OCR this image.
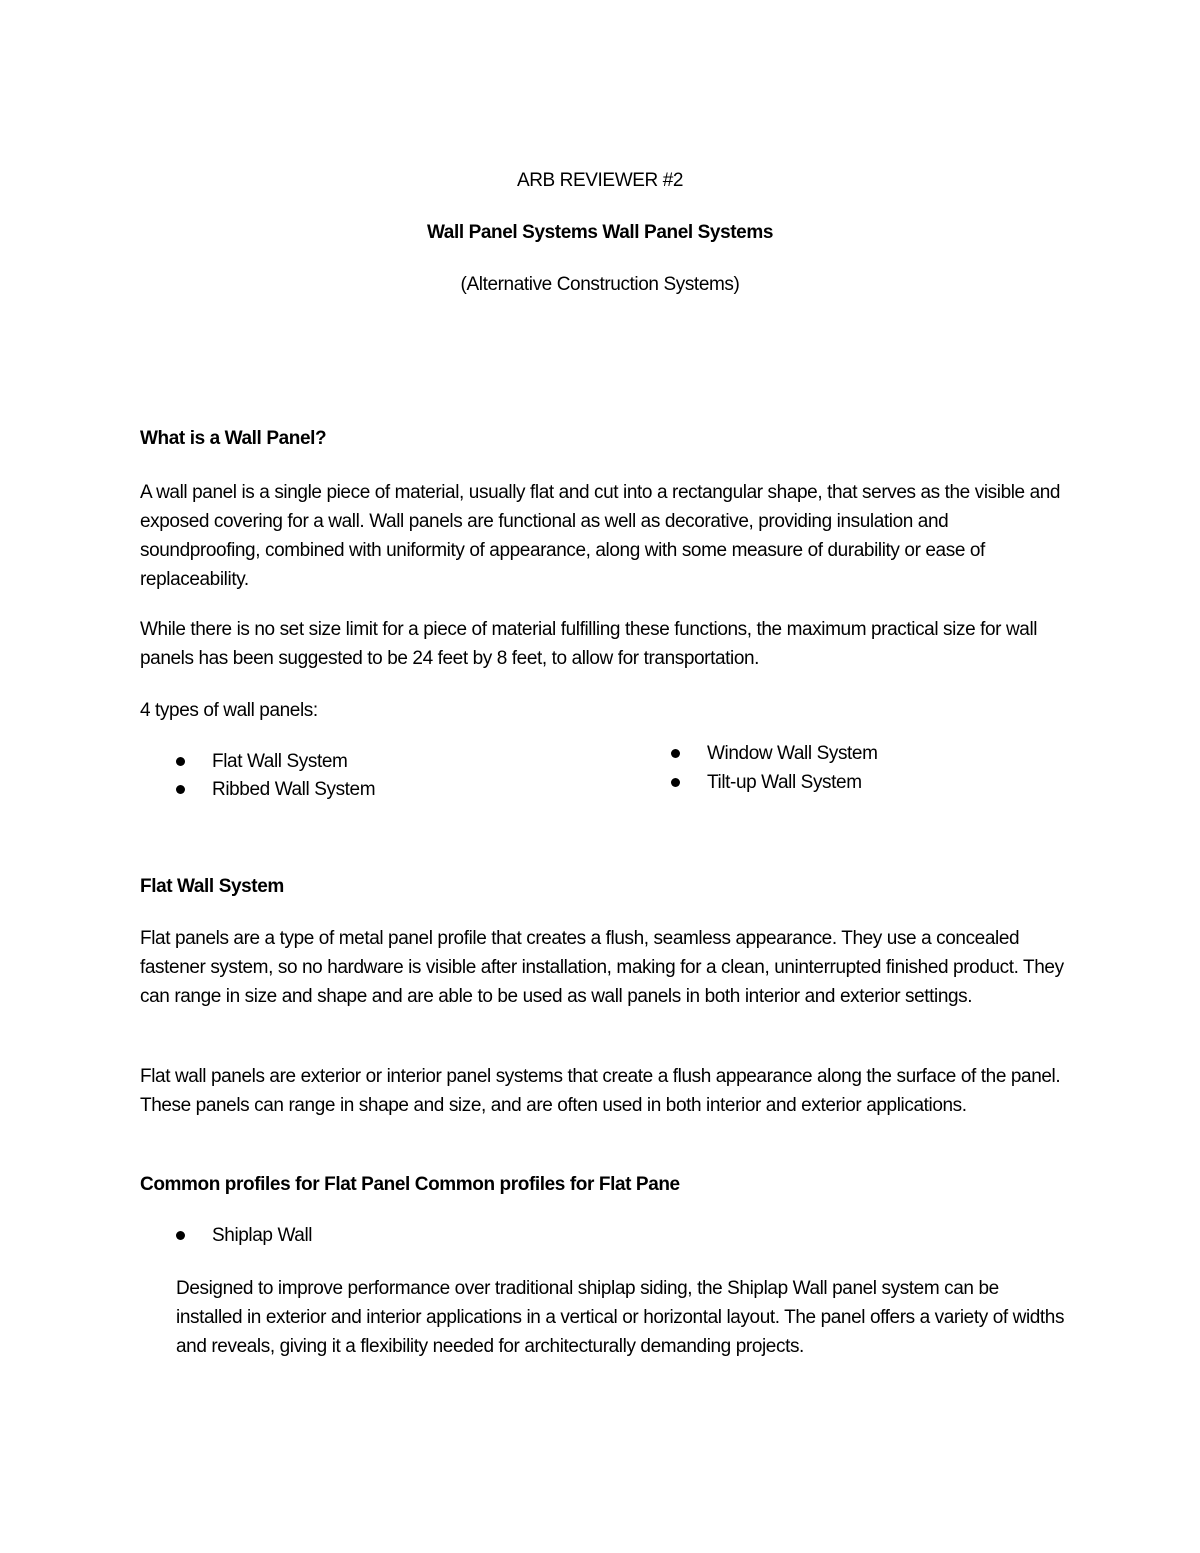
ARB REVIEWER #2
Wall Panel Systems Wall Panel Systems
(Alternative Construction Systems)
What is a Wall Panel?
A wall panel is a single piece of material, usually flat and cut into a rectangular shape, that serves as the visible and exposed covering for a wall. Wall panels are functional as well as decorative, providing insulation and soundproofing, combined with uniformity of appearance, along with some measure of durability or ease of replaceability.
While there is no set size limit for a piece of material fulfilling these functions, the maximum practical size for wall panels has been suggested to be 24 feet by 8 feet, to allow for transportation.
4 types of wall panels:
Flat Wall System
Ribbed Wall System
Window Wall System
Tilt-up Wall System
Flat Wall System
Flat panels are a type of metal panel profile that creates a flush, seamless appearance. They use a concealed fastener system, so no hardware is visible after installation, making for a clean, uninterrupted finished product. They can range in size and shape and are able to be used as wall panels in both interior and exterior settings.
Flat wall panels are exterior or interior panel systems that create a flush appearance along the surface of the panel. These panels can range in shape and size, and are often used in both interior and exterior applications.
Common profiles for Flat Panel Common profiles for Flat Pane
Shiplap Wall
Designed to improve performance over traditional shiplap siding, the Shiplap Wall panel system can be installed in exterior and interior applications in a vertical or horizontal layout. The panel offers a variety of widths and reveals, giving it a flexibility needed for architecturally demanding projects.
